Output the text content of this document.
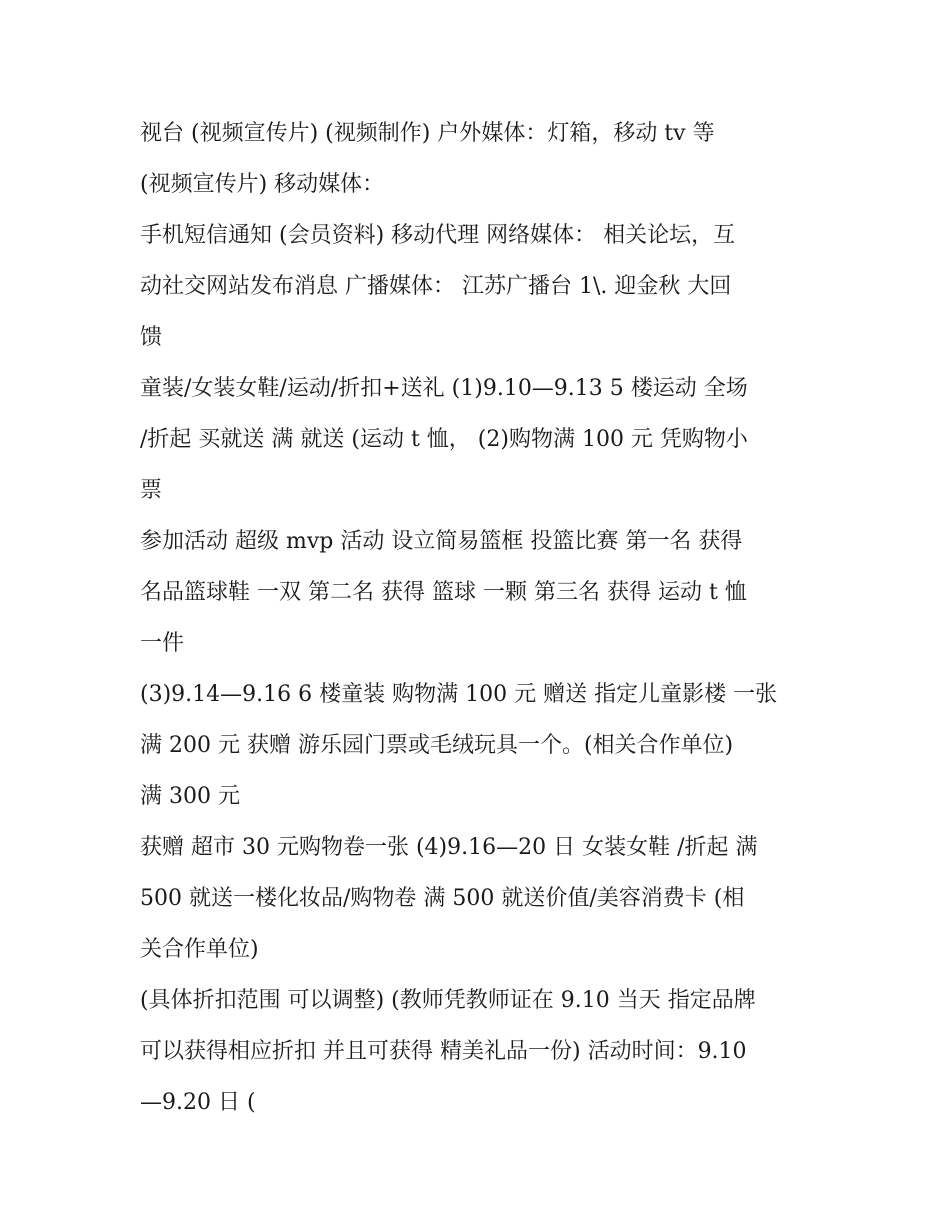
视台 (视频宣传片) (视频制作) 户外媒体：灯箱，移动 tv 等
(视频宣传片) 移动媒体：
手机短信通知 (会员资料) 移动代理 网络媒体： 相关论坛，互
动社交网站发布消息 广播媒体： 江苏广播台 1\. 迎金秋 大回
馈
童装/女装女鞋/运动/折扣+送礼 (1)9.10—9.13 5 楼运动 全场
/折起 买就送 满 就送 (运动 t 恤， (2)购物满 100 元 凭购物小
票
参加活动 超级 mvp 活动 设立简易篮框 投篮比赛 第一名 获得
名品篮球鞋 一双 第二名 获得 篮球 一颗 第三名 获得 运动 t 恤
一件
(3)9.14—9.16 6 楼童装 购物满 100 元 赠送 指定儿童影楼 一张
满 200 元 获赠 游乐园门票或毛绒玩具一个。(相关合作单位)
满 300 元
获赠 超市 30 元购物卷一张 (4)9.16—20 日 女装女鞋 /折起 满
500 就送一楼化妆品/购物卷 满 500 就送价值/美容消费卡 (相
关合作单位)
(具体折扣范围 可以调整) (教师凭教师证在 9.10 当天 指定品牌
可以获得相应折扣 并且可获得 精美礼品一份) 活动时间：9.10
—9.20 日 (
